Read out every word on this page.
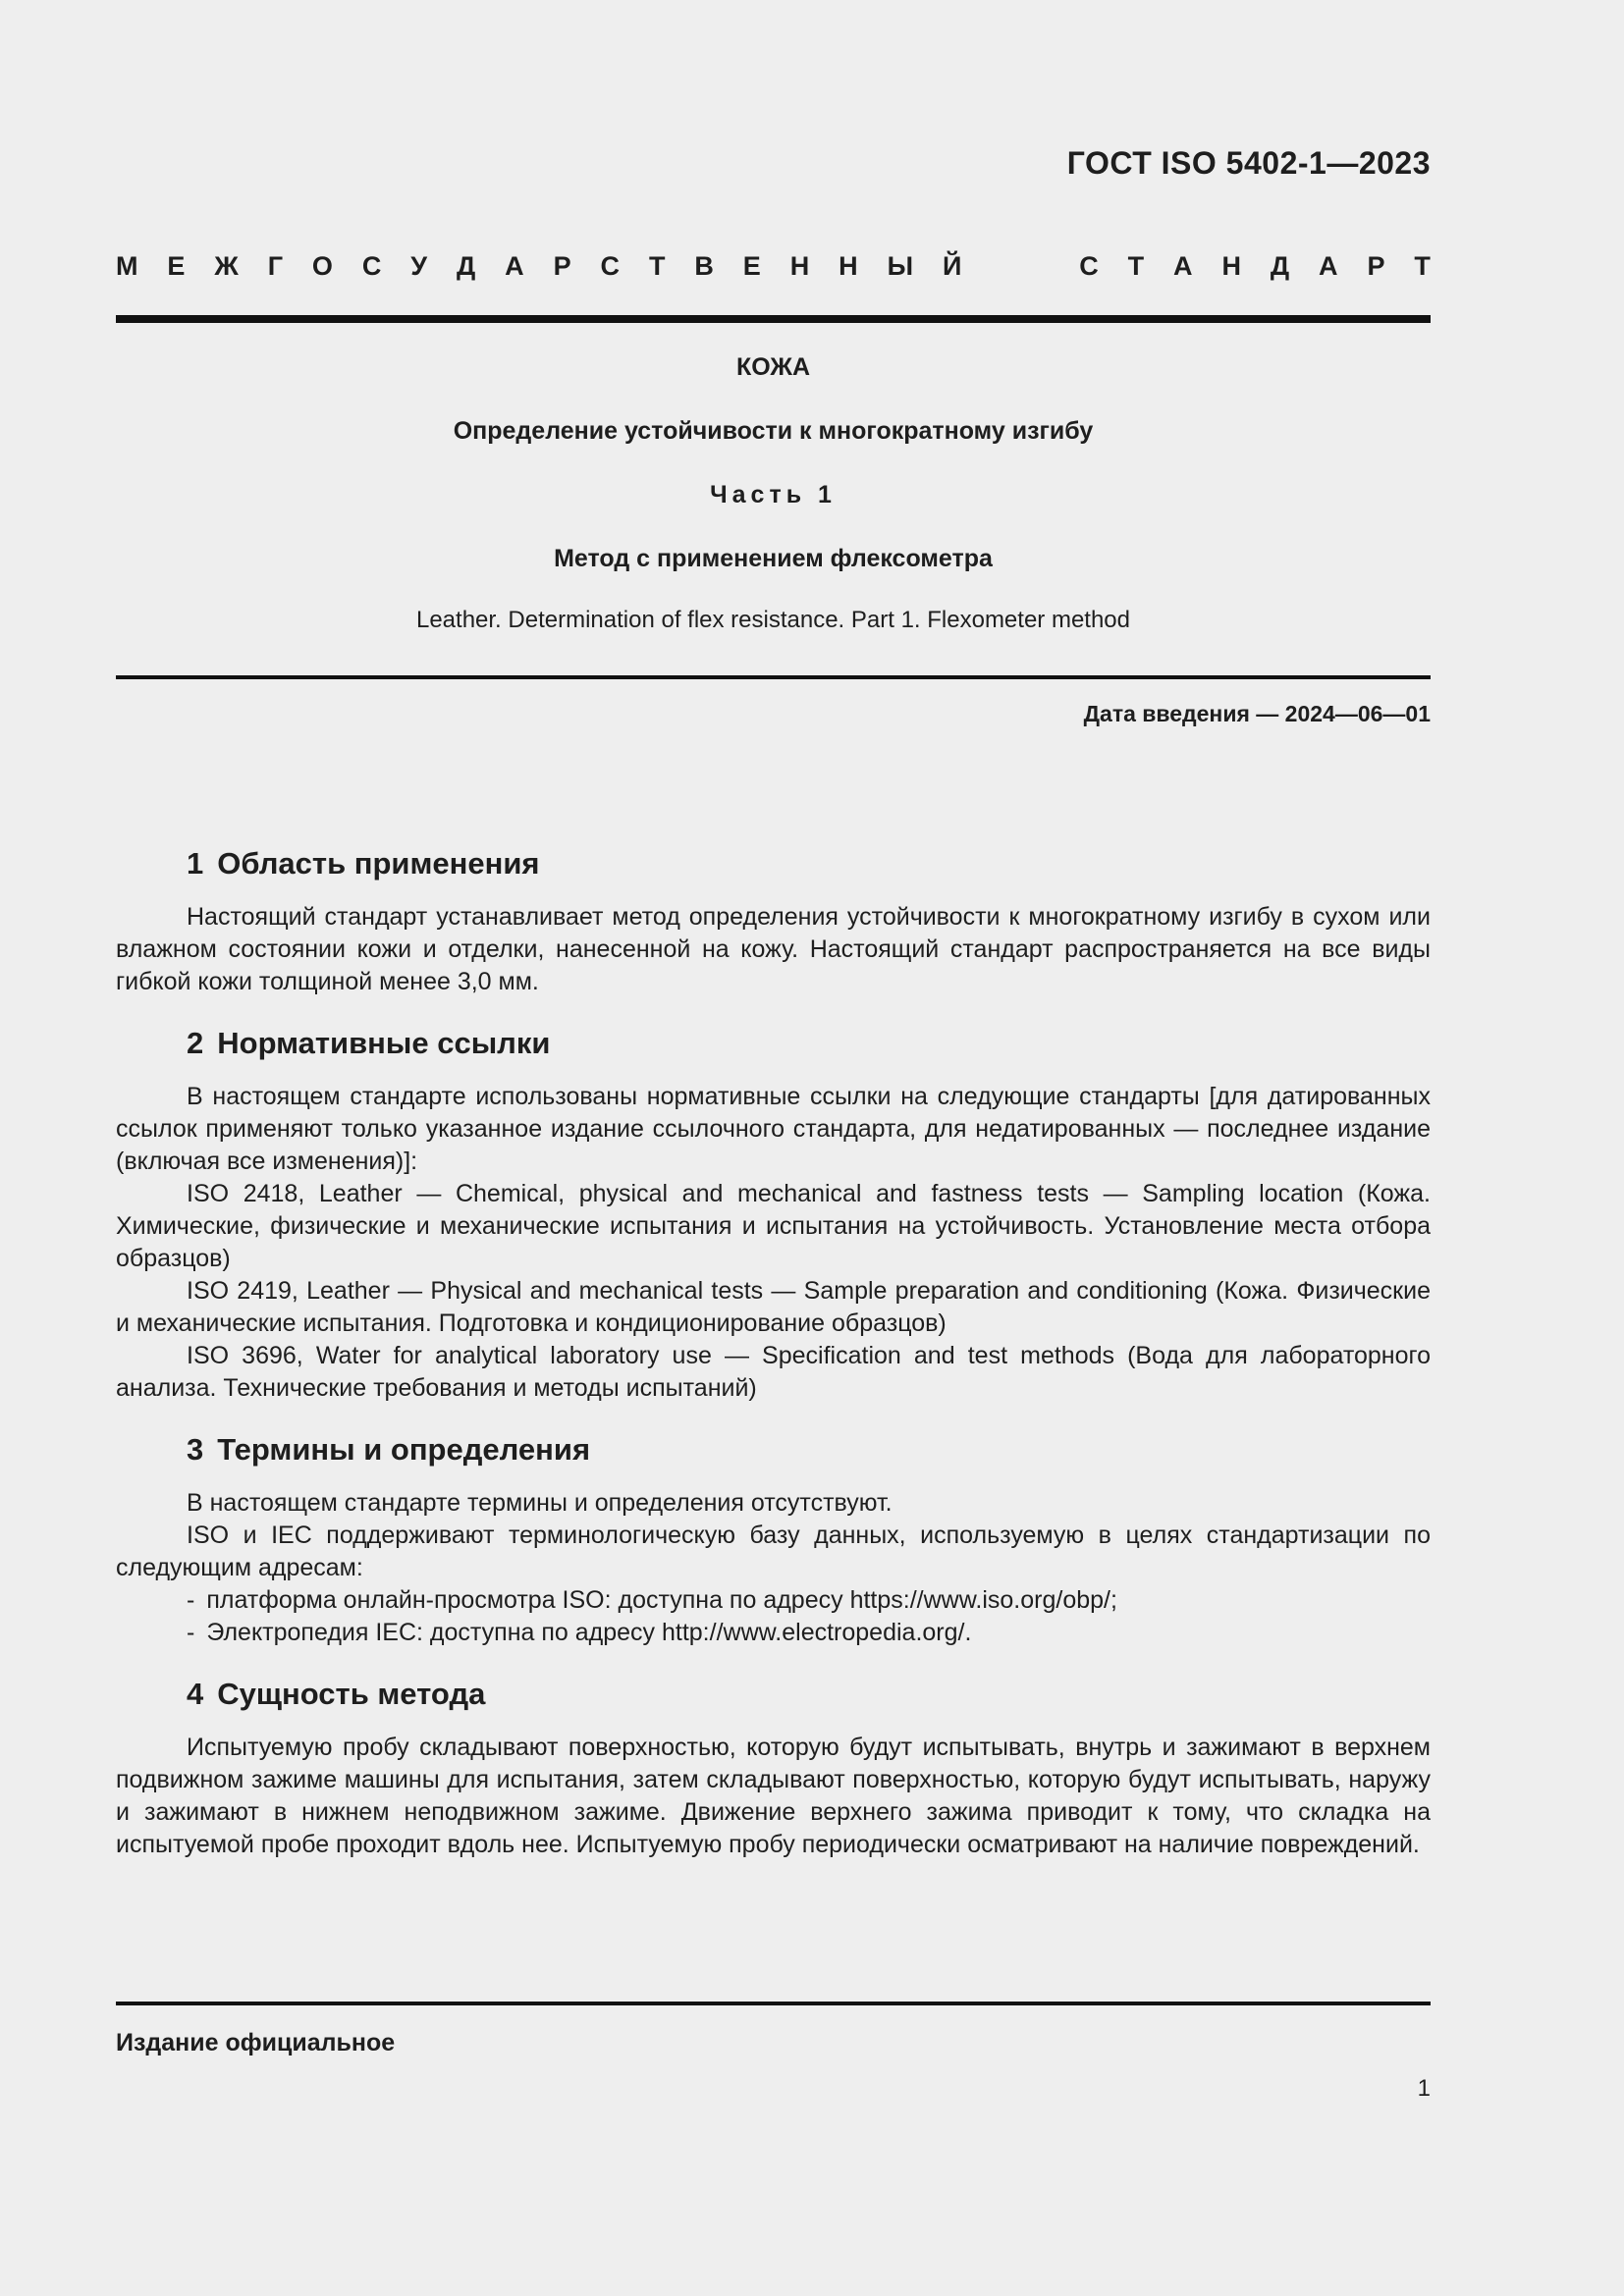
ГОСТ ISO 5402-1—2023
М Е Ж Г О С У Д А Р С Т В Е Н Н Ы Й	С Т А Н Д А Р Т
КОЖА
Определение устойчивости к многократному изгибу
Часть 1
Метод с применением флексометра
Leather. Determination of flex resistance. Part 1. Flexometer method
Дата введения — 2024—06—01
1 Область применения

Настоящий стандарт устанавливает метод определения устойчивости к многократному изгибу в сухом или влажном состоянии кожи и отделки, нанесенной на кожу. Настоящий стандарт распространяется на все виды гибкой кожи толщиной менее 3,0 мм.

2 Нормативные ссылки

В настоящем стандарте использованы нормативные ссылки на следующие стандарты [для датированных ссылок применяют только указанное издание ссылочного стандарта, для недатированных — последнее издание (включая все изменения)]:

ISO 2418, Leather — Chemical, physical and mechanical and fastness tests — Sampling location (Кожа. Химические, физические и механические испытания и испытания на устойчивость. Установление места отбора образцов)

ISO 2419, Leather — Physical and mechanical tests — Sample preparation and conditioning (Кожа. Физические и механические испытания. Подготовка и кондиционирование образцов)

ISO 3696, Water for analytical laboratory use — Specification and test methods (Вода для лабораторного анализа. Технические требования и методы испытаний)

3 Термины и определения

В настоящем стандарте термины и определения отсутствуют.

ISO и IEC поддерживают терминологическую базу данных, используемую в целях стандартизации по следующим адресам:

- платформа онлайн-просмотра ISO: доступна по адресу https://www.iso.org/obp/;

- Электропедия IEC: доступна по адресу http://www.electropedia.org/.

4 Сущность метода

Испытуемую пробу складывают поверхностью, которую будут испытывать, внутрь и зажимают в верхнем подвижном зажиме машины для испытания, затем складывают поверхностью, которую будут испытывать, наружу и зажимают в нижнем неподвижном зажиме. Движение верхнего зажима приводит к тому, что складка на испытуемой пробе проходит вдоль нее. Испытуемую пробу периодически осматривают на наличие повреждений.

Издание официальное
1
